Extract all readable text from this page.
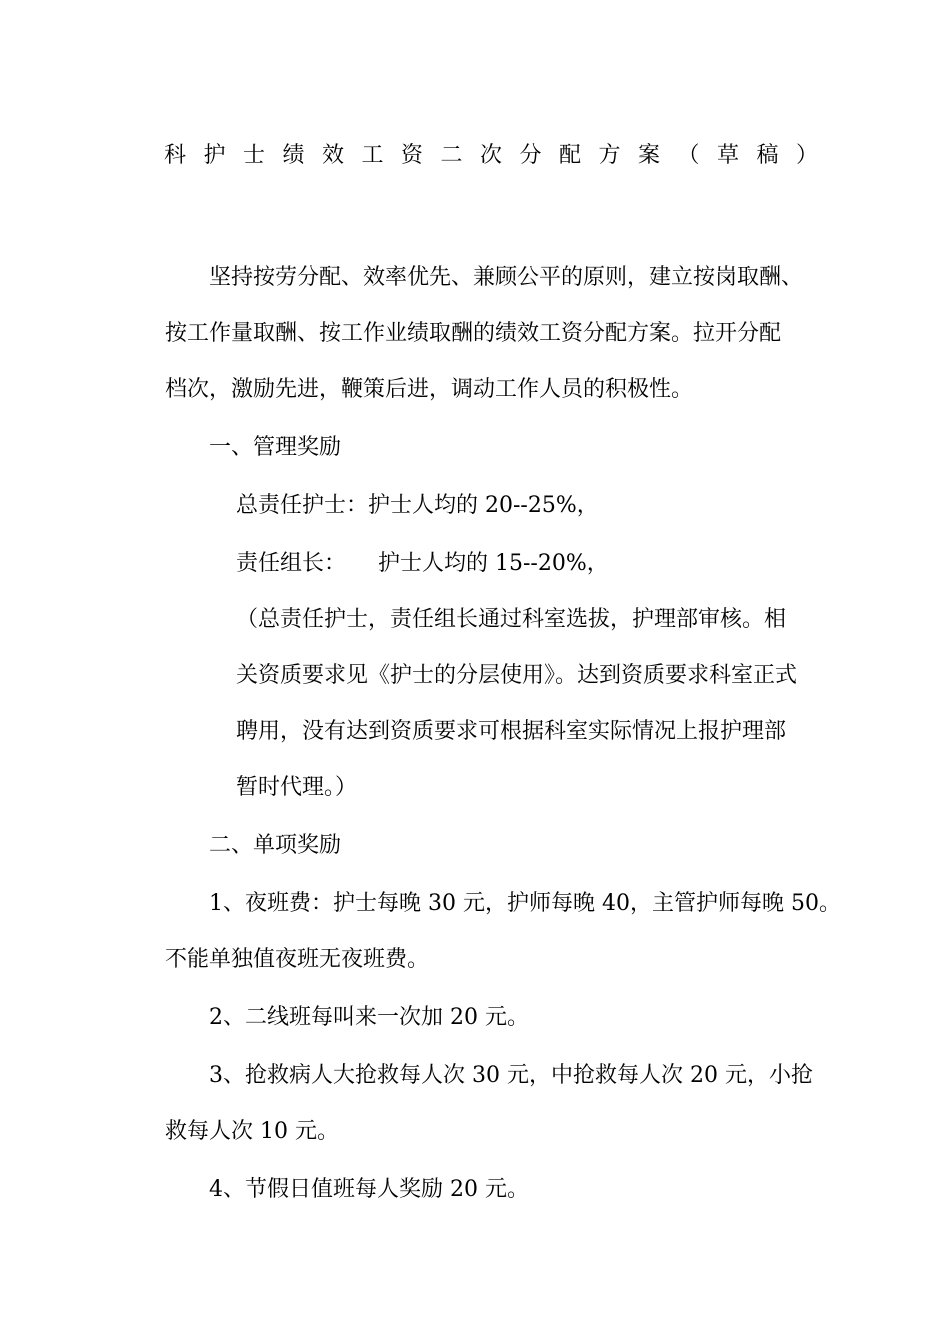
科护士绩效工资二次分配方案（草稿）
坚持按劳分配、效率优先、兼顾公平的原则，建立按岗取酬、
按工作量取酬、按工作业绩取酬的绩效工资分配方案。拉开分配
档次，激励先进，鞭策后进，调动工作人员的积极性。
一、管理奖励
总责任护士：护士人均的 20--25%，
责任组长： 护士人均的 15--20%，
（总责任护士，责任组长通过科室选拔，护理部审核。相
关资质要求见《护士的分层使用》。达到资质要求科室正式
聘用，没有达到资质要求可根据科室实际情况上报护理部
暂时代理。）
二、单项奖励
1、夜班费：护士每晚 30 元，护师每晚 40，主管护师每晚 50。
不能单独值夜班无夜班费。
2、二线班每叫来一次加 20 元。
3、抢救病人大抢救每人次 30 元，中抢救每人次 20 元，小抢
救每人次 10 元。
4、节假日值班每人奖励 20 元。
